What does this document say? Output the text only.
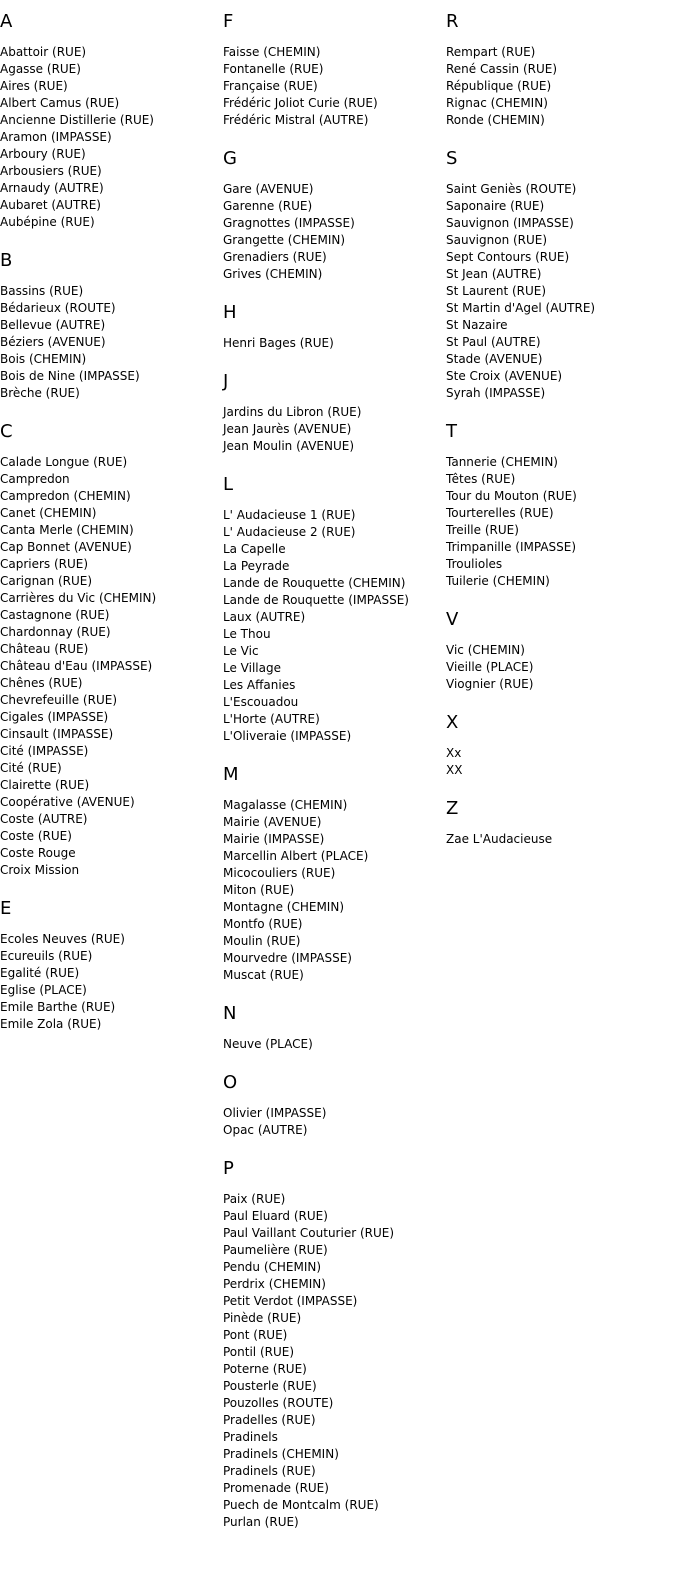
A
Abattoir (RUE)
Agasse (RUE)
Aires (RUE)
Albert Camus (RUE)
Ancienne Distillerie (RUE)
Aramon (IMPASSE)
Arboury (RUE)
Arbousiers (RUE)
Arnaudy (AUTRE)
Aubaret (AUTRE)
Aubépine (RUE)
B
Bassins (RUE)
Bédarieux (ROUTE)
Bellevue (AUTRE)
Béziers (AVENUE)
Bois (CHEMIN)
Bois de Nine (IMPASSE)
Brèche (RUE)
C
Calade Longue (RUE)
Campredon
Campredon (CHEMIN)
Canet (CHEMIN)
Canta Merle (CHEMIN)
Cap Bonnet (AVENUE)
Capriers (RUE)
Carignan (RUE)
Carrières du Vic (CHEMIN)
Castagnone (RUE)
Chardonnay (RUE)
Château (RUE)
Château d'Eau (IMPASSE)
Chênes (RUE)
Chevrefeuille (RUE)
Cigales (IMPASSE)
Cinsault (IMPASSE)
Cité (IMPASSE)
Cité (RUE)
Clairette (RUE)
Coopérative (AVENUE)
Coste (AUTRE)
Coste (RUE)
Coste Rouge
Croix Mission
E
Ecoles Neuves (RUE)
Ecureuils (RUE)
Egalité (RUE)
Eglise (PLACE)
Emile Barthe (RUE)
Emile Zola (RUE)
F
Faisse (CHEMIN)
Fontanelle (RUE)
Française (RUE)
Frédéric Joliot Curie (RUE)
Frédéric Mistral (AUTRE)
G
Gare (AVENUE)
Garenne (RUE)
Gragnottes (IMPASSE)
Grangette (CHEMIN)
Grenadiers (RUE)
Grives (CHEMIN)
H
Henri Bages (RUE)
J
Jardins du Libron (RUE)
Jean Jaurès (AVENUE)
Jean Moulin (AVENUE)
L
L' Audacieuse 1 (RUE)
L' Audacieuse 2 (RUE)
La Capelle
La Peyrade
Lande de Rouquette (CHEMIN)
Lande de Rouquette (IMPASSE)
Laux (AUTRE)
Le Thou
Le Vic
Le Village
Les Affanies
L'Escouadou
L'Horte (AUTRE)
L'Oliveraie (IMPASSE)
M
Magalasse (CHEMIN)
Mairie (AVENUE)
Mairie (IMPASSE)
Marcellin Albert (PLACE)
Micocouliers (RUE)
Miton (RUE)
Montagne (CHEMIN)
Montfo (RUE)
Moulin (RUE)
Mourvedre (IMPASSE)
Muscat (RUE)
N
Neuve (PLACE)
O
Olivier (IMPASSE)
Opac (AUTRE)
P
Paix (RUE)
Paul Eluard (RUE)
Paul Vaillant Couturier (RUE)
Paumelière (RUE)
Pendu (CHEMIN)
Perdrix (CHEMIN)
Petit Verdot (IMPASSE)
Pinède (RUE)
Pont (RUE)
Pontil (RUE)
Poterne (RUE)
Pousterle (RUE)
Pouzolles (ROUTE)
Pradelles (RUE)
Pradinels
Pradinels (CHEMIN)
Pradinels (RUE)
Promenade (RUE)
Puech de Montcalm (RUE)
Purlan (RUE)
R
Rempart (RUE)
René Cassin (RUE)
République (RUE)
Rignac (CHEMIN)
Ronde (CHEMIN)
S
Saint Geniès (ROUTE)
Saponaire (RUE)
Sauvignon (IMPASSE)
Sauvignon (RUE)
Sept Contours (RUE)
St Jean (AUTRE)
St Laurent (RUE)
St Martin d'Agel (AUTRE)
St Nazaire
St Paul (AUTRE)
Stade (AVENUE)
Ste Croix (AVENUE)
Syrah (IMPASSE)
T
Tannerie (CHEMIN)
Têtes (RUE)
Tour du Mouton (RUE)
Tourterelles (RUE)
Treille (RUE)
Trimpanille (IMPASSE)
Troulioles
Tuilerie (CHEMIN)
V
Vic (CHEMIN)
Vieille (PLACE)
Viognier (RUE)
X
Xx
XX
Z
Zae L'Audacieuse
